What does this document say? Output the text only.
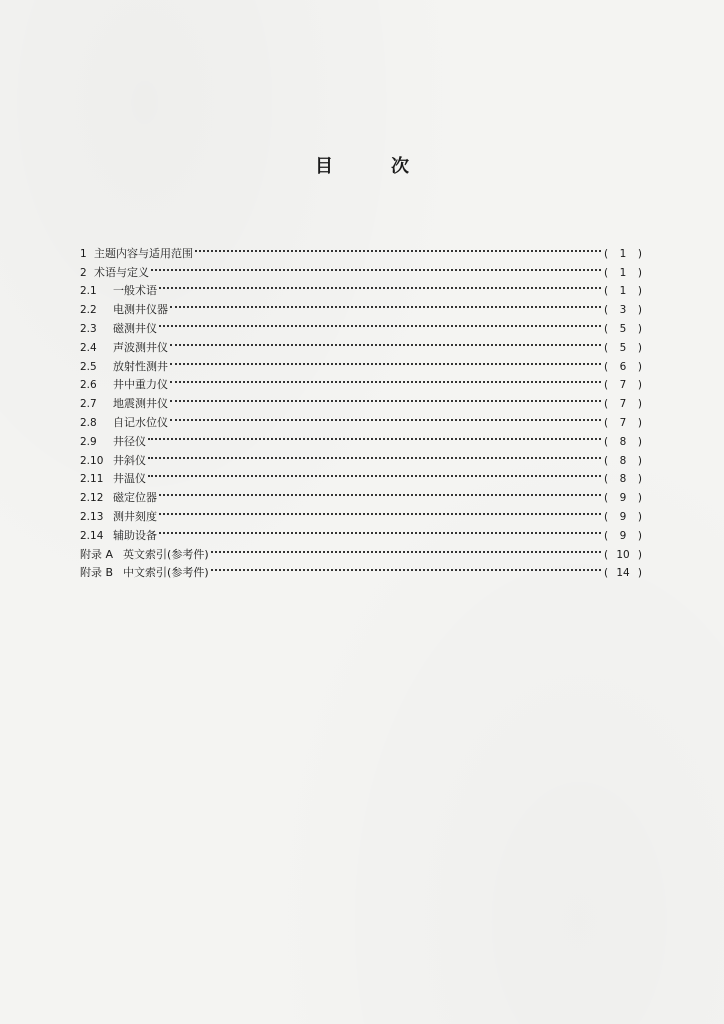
目	次
1 主题内容与适用范围	(	1	)
2 术语与定义	(	1	)
2.1	一般术语	(	1	)
2.2	电测井仪器	(	3	)
2.3	磁测井仪	(	5	)
2.4	声波测井仪	(	5	)
2.5	放射性测井	(	6	)
2.6	井中重力仪	(	7	)
2.7	地震测井仪	(	7	)
2.8	自记水位仪	(	7	)
2.9	井径仪	(	8	)
2.10 井斜仪	(	8	)
2.11 井温仪	(	8	)
2.12 磁定位器	(	9	)
2.13 测井刻度	(	9	)
2.14 辅助设备	(	9	)
附录 A 英文索引(参考件)	( 10 )
附录 B 中文索引(参考件)	( 14 )
